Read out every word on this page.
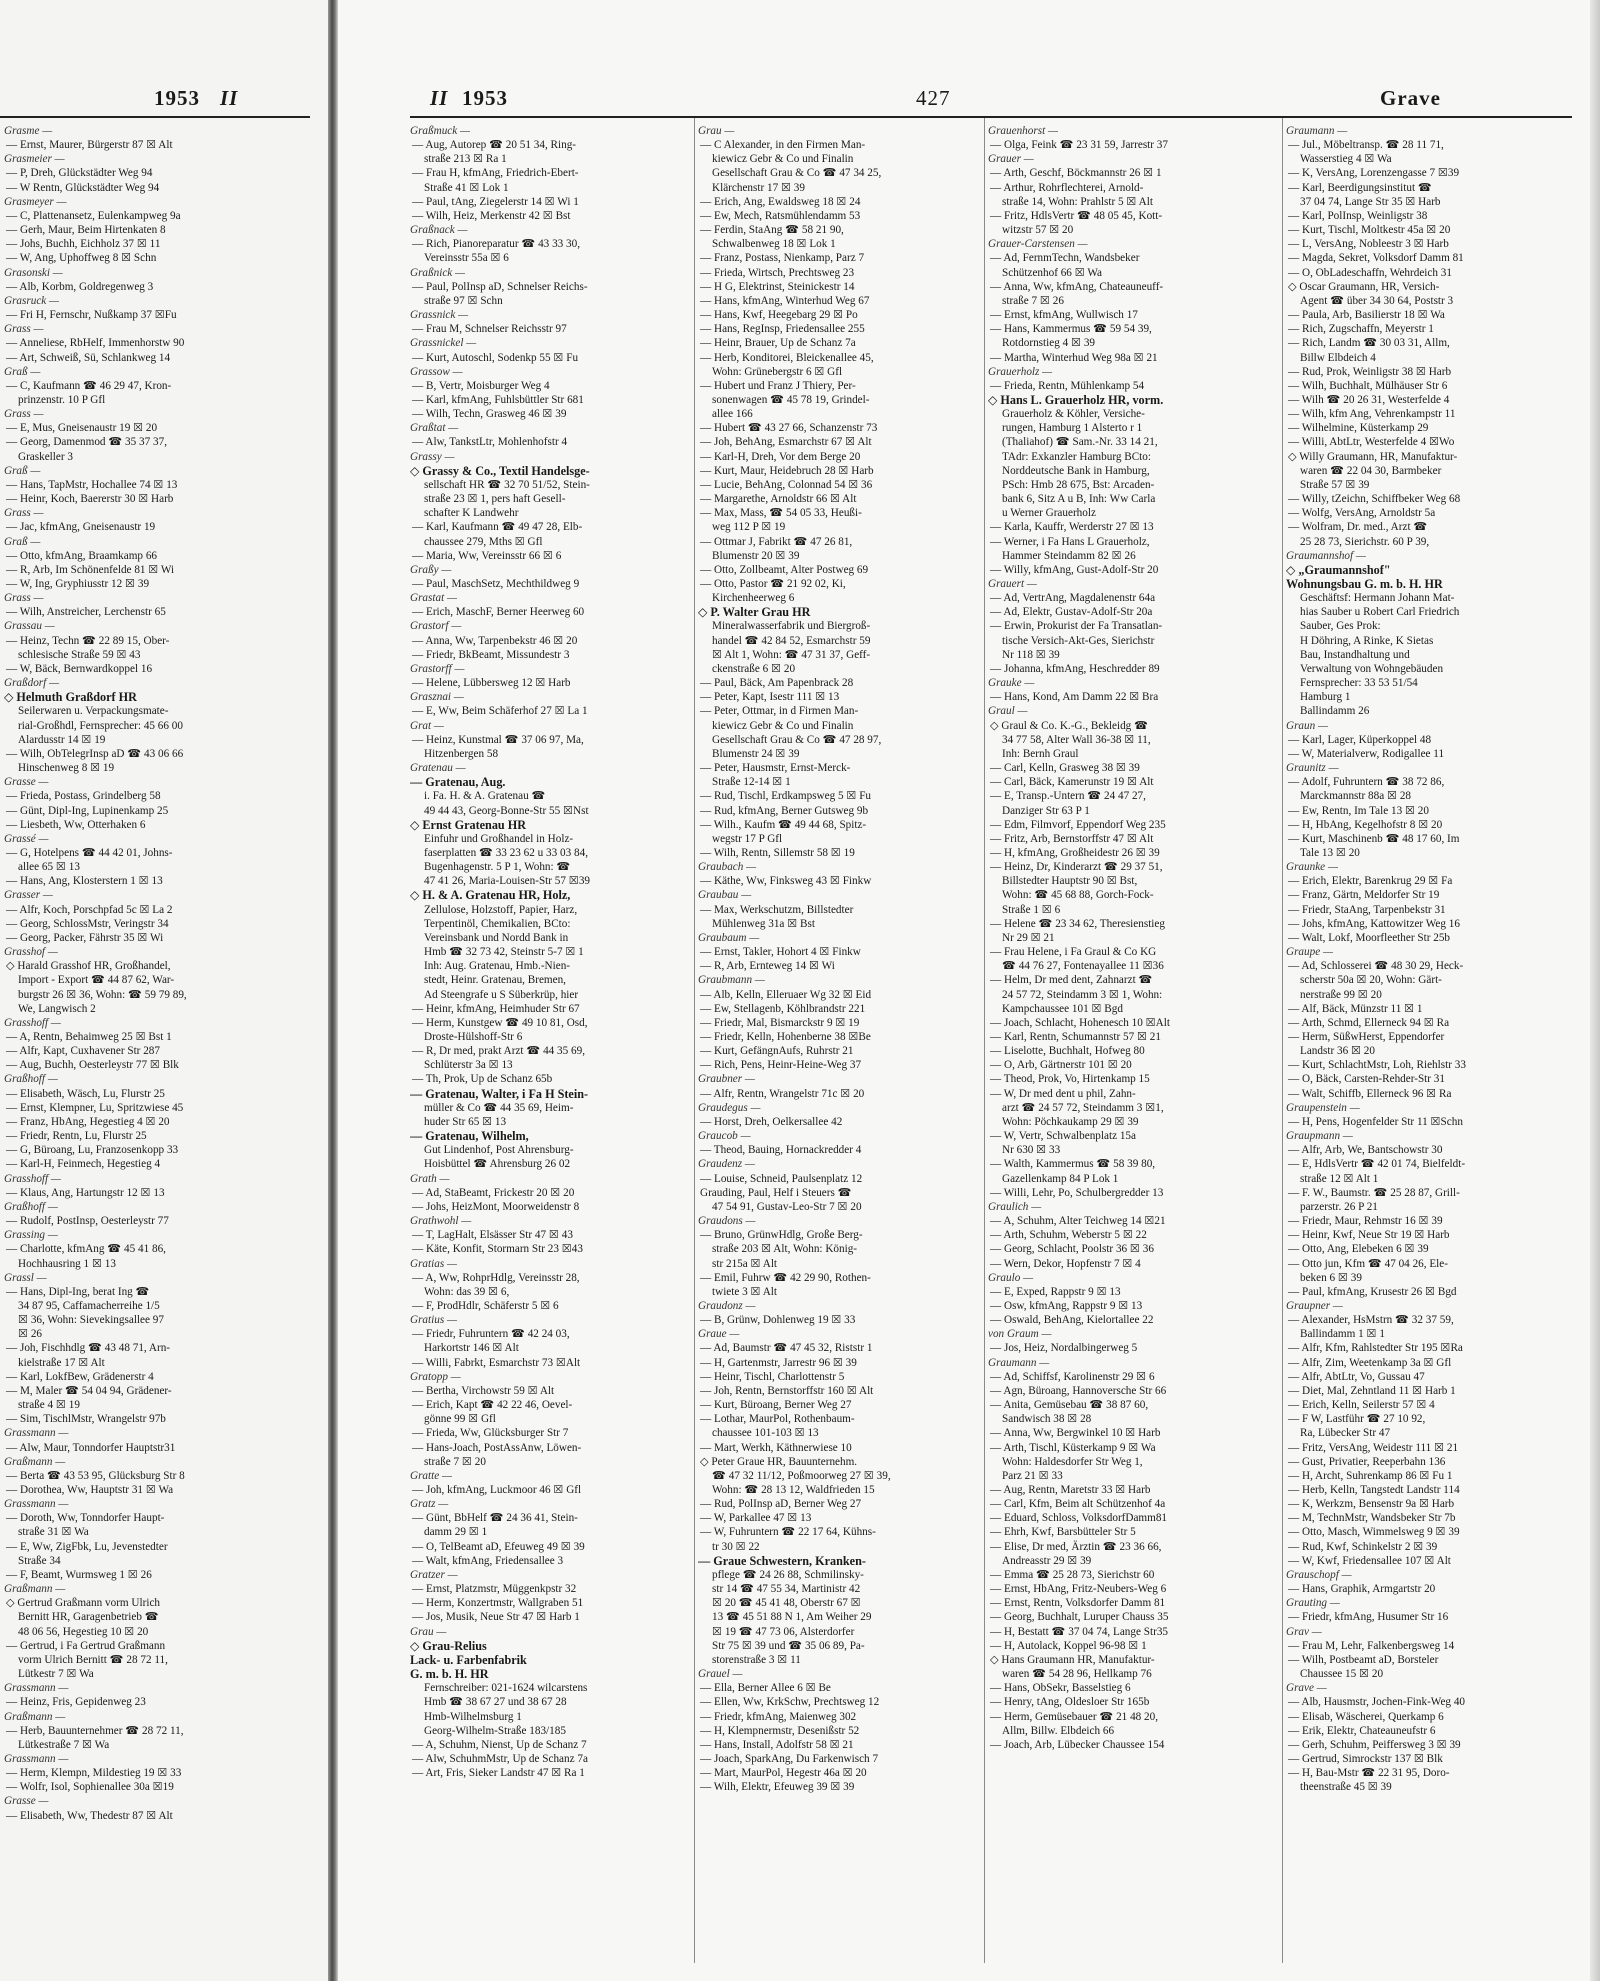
1953 II
Grasme —
— Ernst, Maurer, Bürgerstr 87 ☒ Alt
Grasmeier —
— P, Dreh, Glückstädter Weg 94
— W Rentn, Glückstädter Weg 94
Grasmeyer —
— C, Plattenansetz, Eulenkampweg 9a
— Gerh, Maur, Beim Hirtenkaten 8
— Johs, Buchh, Eichholz 37 ☒ 11
— W, Ang, Uphoffweg 8 ☒ Schn
Grasonski —
— Alb, Korbm, Goldregenweg 3
Grasruck —
— Fri H, Fernschr, Nußkamp 37 ☒Fu
Grass —
— Anneliese, RbHelf, Immenhorstw 90
— Art, Schweiß, Sü, Schlankweg 14
Graß —
— C, Kaufmann ☎ 46 29 47, Kron-
prinzenstr. 10 P Gfl
Grass —
— E, Mus, Gneisenaustr 19 ☒ 20
— Georg, Damenmod ☎ 35 37 37,
Graskeller 3
Graß —
— Hans, TapMstr, Hochallee 74 ☒ 13
— Heinr, Koch, Baererstr 30 ☒ Harb
Grass —
— Jac, kfmAng, Gneisenaustr 19
Graß —
— Otto, kfmAng, Braamkamp 66
— R, Arb, Im Schönenfelde 81 ☒ Wi
— W, Ing, Gryphiusstr 12 ☒ 39
Grass —
— Wilh, Anstreicher, Lerchenstr 65
Grassau —
— Heinz, Techn ☎ 22 89 15, Ober-
schlesische Straße 59 ☒ 43
— W, Bäck, Bernwardkoppel 16
Graßdorf —
◇ Helmuth Graßdorf HR
Seilerwaren u. Verpackungsmate-
rial-Großhdl, Fernsprecher: 45 66 00
Alardusstr 14 ☒ 19
— Wilh, ObTelegrInsp aD ☎ 43 06 66
Hinschenweg 8 ☒ 19
Grasse —
— Frieda, Postass, Grindelberg 58
— Günt, Dipl-Ing, Lupinenkamp 25
— Liesbeth, Ww, Otterhaken 6
Grassé —
— G, Hotelpens ☎ 44 42 01, Johns-
allee 65 ☒ 13
— Hans, Ang, Klosterstern 1 ☒ 13
Grasser —
— Alfr, Koch, Porschpfad 5c ☒ La 2
— Georg, SchlossMstr, Veringstr 34
— Georg, Packer, Fährstr 35 ☒ Wi
Grasshof —
◇ Harald Grasshof HR, Großhandel,
Import - Export ☎ 44 87 62, War-
burgstr 26 ☒ 36, Wohn: ☎ 59 79 89,
We, Langwisch 2
Grasshoff —
— A, Rentn, Behaimweg 25 ☒ Bst 1
— Alfr, Kapt, Cuxhavener Str 287
— Aug, Buchh, Oesterleystr 77 ☒ Blk
Graßhoff —
— Elisabeth, Wäsch, Lu, Flurstr 25
— Ernst, Klempner, Lu, Spritzwiese 45
— Franz, HbAng, Hegestieg 4 ☒ 20
— Friedr, Rentn, Lu, Flurstr 25
— G, Büroang, Lu, Franzosenkopp 33
— Karl-H, Feinmech, Hegestieg 4
Grasshoff —
— Klaus, Ang, Hartungstr 12 ☒ 13
Graßhoff —
— Rudolf, PostInsp, Oesterleystr 77
Grassing —
— Charlotte, kfmAng ☎ 45 41 86,
Hochhausring 1 ☒ 13
Grassl —
— Hans, Dipl-Ing, berat Ing ☎
34 87 95, Caffamacherreihe 1/5
☒ 36, Wohn: Sievekingsallee 97
☒ 26
— Joh, Fischhdlg ☎ 43 48 71, Arn-
kielstraße 17 ☒ Alt
— Karl, LokfBew, Grädenerstr 4
— M, Maler ☎ 54 04 94, Grädener-
straße 4 ☒ 19
— Sim, TischlMstr, Wrangelstr 97b
Grassmann —
— Alw, Maur, Tonndorfer Hauptstr31
Graßmann —
— Berta ☎ 43 53 95, Glücksburg Str 8
— Dorothea, Ww, Hauptstr 31 ☒ Wa
Grassmann —
— Doroth, Ww, Tonndorfer Haupt-
straße 31 ☒ Wa
— E, Ww, ZigFbk, Lu, Jevenstedter
Straße 34
— F, Beamt, Wurmsweg 1 ☒ 26
Graßmann —
◇ Gertrud Graßmann vorm Ulrich
Bernitt HR, Garagenbetrieb ☎
48 06 56, Hegestieg 10 ☒ 20
— Gertrud, i Fa Gertrud Graßmann
vorm Ulrich Bernitt ☎ 28 72 11,
Lütkestr 7 ☒ Wa
Grassmann —
— Heinz, Fris, Gepidenweg 23
Graßmann —
— Herb, Bauunternehmer ☎ 28 72 11,
Lütkestraße 7 ☒ Wa
Grassmann —
— Herm, Klempn, Mildestieg 19 ☒ 33
— Wolfr, Isol, Sophienallee 30a ☒19
Grasse —
— Elisabeth, Ww, Thedestr 87 ☒ Alt
II 1953	427	Grave
Graßmuck —
— Aug, Autorep ☎ 20 51 34, Ring-
straße 213 ☒ Ra 1
— Frau H, kfmAng, Friedrich-Ebert-
Straße 41 ☒ Lok 1
— Paul, tAng, Ziegelerstr 14 ☒ Wi 1
— Wilh, Heiz, Merkenstr 42 ☒ Bst
Graßnack —
— Rich, Pianoreparatur ☎ 43 33 30,
Vereinsstr 55a ☒ 6
Graßnick —
— Paul, PolInsp aD, Schnelser Reichs-
straße 97 ☒ Schn
Grassnick —
— Frau M, Schnelser Reichsstr 97
Grassnickel —
— Kurt, Autoschl, Sodenkp 55 ☒ Fu
Grassow —
— B, Vertr, Moisburger Weg 4
— Karl, kfmAng, Fuhlsbüttler Str 681
— Wilh, Techn, Grasweg 46 ☒ 39
Graßtat —
— Alw, TankstLtr, Mohlenhofstr 4
Grassy —
◇ Grassy & Co., Textil Handelsge-
sellschaft HR ☎ 32 70 51/52, Stein-
straße 23 ☒ 1, pers haft Gesell-
schafter K Landwehr
— Karl, Kaufmann ☎ 49 47 28, Elb-
chaussee 279, Mths ☒ Gfl
— Maria, Ww, Vereinsstr 66 ☒ 6
Graßy —
— Paul, MaschSetz, Mechthildweg 9
Grastat —
— Erich, MaschF, Berner Heerweg 60
Grastorf —
— Anna, Ww, Tarpenbekstr 46 ☒ 20
— Friedr, BkBeamt, Missundestr 3
Grastorff —
— Helene, Lübbersweg 12 ☒ Harb
Grasznai —
— E, Ww, Beim Schäferhof 27 ☒ La 1
Grat —
— Heinz, Kunstmal ☎ 37 06 97, Ma,
Hitzenbergen 58
Gratenau —
— Gratenau, Aug.
i. Fa. H. & A. Gratenau ☎
49 44 43, Georg-Bonne-Str 55 ☒Nst
◇ Ernst Gratenau HR
Einfuhr und Großhandel in Holz-
faserplatten ☎ 33 23 62 u 33 03 84,
Bugenhagenstr. 5 P 1, Wohn: ☎
47 41 26, Maria-Louisen-Str 57 ☒39
◇ H. & A. Gratenau HR, Holz,
Zellulose, Holzstoff, Papier, Harz,
Terpentinöl, Chemikalien, BCto:
Vereinsbank und Nordd Bank in
Hmb ☎ 32 73 42, Steinstr 5-7 ☒ 1
Inh: Aug. Gratenau, Hmb.-Nien-
stedt, Heinr. Gratenau, Bremen,
Ad Steengrafe u S Süberkrüp, hier
— Heinr, kfmAng, Heimhuder Str 67
— Herm, Kunstgew ☎ 49 10 81, Osd,
Droste-Hülshoff-Str 6
— R, Dr med, prakt Arzt ☎ 44 35 69,
Schlüterstr 3a ☒ 13
— Th, Prok, Up de Schanz 65b
— Gratenau, Walter, i Fa H Stein-
müller & Co ☎ 44 35 69, Heim-
huder Str 65 ☒ 13
— Gratenau, Wilhelm,
Gut Lindenhof, Post Ahrensburg-
Hoisbüttel ☎ Ahrensburg 26 02
Grath —
— Ad, StaBeamt, Frickestr 20 ☒ 20
— Johs, HeizMont, Moorweidenstr 8
Grathwohl —
— T, LagHalt, Elsässer Str 47 ☒ 43
— Käte, Konfit, Stormarn Str 23 ☒43
Gratias —
— A, Ww, RohprHdlg, Vereinsstr 28,
Wohn: das 39 ☒ 6,
— F, ProdHdlr, Schäferstr 5 ☒ 6
Gratius —
— Friedr, Fuhruntern ☎ 42 24 03,
Harkortstr 146 ☒ Alt
— Willi, Fabrkt, Esmarchstr 73 ☒Alt
Gratopp —
— Bertha, Virchowstr 59 ☒ Alt
— Erich, Kapt ☎ 42 22 46, Oevel-
gönne 99 ☒ Gfl
— Frieda, Ww, Glücksburger Str 7
— Hans-Joach, PostAssAnw, Löwen-
straße 7 ☒ 20
Gratte —
— Joh, kfmAng, Luckmoor 46 ☒ Gfl
Gratz —
— Günt, BbHelf ☎ 24 36 41, Stein-
damm 29 ☒ 1
— O, TelBeamt aD, Efeuweg 49 ☒ 39
— Walt, kfmAng, Friedensallee 3
Gratzer —
— Ernst, Platzmstr, Müggenkpstr 32
— Herm, Konzertmstr, Wallgraben 51
— Jos, Musik, Neue Str 47 ☒ Harb 1
Grau —
◇ Grau-Relius
Lack- u. Farbenfabrik
G. m. b. H. HR
Fernschreiber: 021-1624 wilcarstens
Hmb ☎ 38 67 27 und 38 67 28
Hmb-Wilhelmsburg 1
Georg-Wilhelm-Straße 183/185
— A, Schuhm, Nienst, Up de Schanz 7
— Alw, SchuhmMstr, Up de Schanz 7a
— Art, Fris, Sieker Landstr 47 ☒ Ra 1
Grau —
— C Alexander, in den Firmen Man-
kiewicz Gebr & Co und Finalin
Gesellschaft Grau & Co ☎ 47 34 25,
Klärchenstr 17 ☒ 39
— Erich, Ang, Ewaldsweg 18 ☒ 24
— Ew, Mech, Ratsmühlendamm 53
— Ferdin, StaAng ☎ 58 21 90,
Schwalbenweg 18 ☒ Lok 1
— Franz, Postass, Nienkamp, Parz 7
— Frieda, Wirtsch, Prechtsweg 23
— H G, Elektrinst, Steinickestr 14
— Hans, kfmAng, Winterhud Weg 67
— Hans, Kwf, Heegebarg 29 ☒ Po
— Hans, RegInsp, Friedensallee 255
— Heinr, Brauer, Up de Schanz 7a
— Herb, Konditorei, Bleickenallee 45,
Wohn: Grünebergstr 6 ☒ Gfl
— Hubert und Franz J Thiery, Per-
sonenwagen ☎ 45 78 19, Grindel-
allee 166
— Hubert ☎ 43 27 66, Schanzenstr 73
— Joh, BehAng, Esmarchstr 67 ☒ Alt
— Karl-H, Dreh, Vor dem Berge 20
— Kurt, Maur, Heidebruch 28 ☒ Harb
— Lucie, BehAng, Colonnad 54 ☒ 36
— Margarethe, Arnoldstr 66 ☒ Alt
— Max, Mass, ☎ 54 05 33, Heußi-
weg 112 P ☒ 19
— Ottmar J, Fabrikt ☎ 47 26 81,
Blumenstr 20 ☒ 39
— Otto, Zollbeamt, Alter Postweg 69
— Otto, Pastor ☎ 21 92 02, Ki,
Kirchenheerweg 6
◇ P. Walter Grau HR
Mineralwasserfabrik und Biergroß-
handel ☎ 42 84 52, Esmarchstr 59
☒ Alt 1, Wohn: ☎ 47 31 37, Geff-
ckenstraße 6 ☒ 20
— Paul, Bäck, Am Papenbrack 28
— Peter, Kapt, Isestr 111 ☒ 13
— Peter, Ottmar, in d Firmen Man-
kiewicz Gebr & Co und Finalin
Gesellschaft Grau & Co ☎ 47 28 97,
Blumenstr 24 ☒ 39
— Peter, Hausmstr, Ernst-Merck-
Straße 12-14 ☒ 1
— Rud, Tischl, Erdkampsweg 5 ☒ Fu
— Rud, kfmAng, Berner Gutsweg 9b
— Wilh., Kaufm ☎ 49 44 68, Spitz-
wegstr 17 P Gfl
— Wilh, Rentn, Sillemstr 58 ☒ 19
Graubach —
— Käthe, Ww, Finksweg 43 ☒ Finkw
Graubau —
— Max, Werkschutzm, Billstedter
Mühlenweg 31a ☒ Bst
Graubaum —
— Ernst, Takler, Hohort 4 ☒ Finkw
— R, Arb, Ernteweg 14 ☒ Wi
Graubmann —
— Alb, Kelln, Elleruaer Wg 32 ☒ Eid
— Ew, Stellagenb, Köhlbrandstr 221
— Friedr, Mal, Bismarckstr 9 ☒ 19
— Friedr, Kelln, Hohenberne 38 ☒Be
— Kurt, GefängnAufs, Ruhrstr 21
— Rich, Pens, Heinr-Heine-Weg 37
Graubner —
— Alfr, Rentn, Wrangelstr 71c ☒ 20
Graudegus —
— Horst, Dreh, Oelkersallee 42
Graucob —
— Theod, Bauing, Hornackredder 4
Graudenz —
— Louise, Schneid, Paulsenplatz 12
Grauding, Paul, Helf i Steuers ☎
47 54 91, Gustav-Leo-Str 7 ☒ 20
Graudons —
— Bruno, GrünwHdlg, Große Berg-
straße 203 ☒ Alt, Wohn: König-
str 215a ☒ Alt
— Emil, Fuhrw ☎ 42 29 90, Rothen-
twiete 3 ☒ Alt
Graudonz —
— B, Grünw, Dohlenweg 19 ☒ 33
Graue —
— Ad, Baumstr ☎ 47 45 32, Riststr 1
— H, Gartenmstr, Jarrestr 96 ☒ 39
— Heinr, Tischl, Charlottenstr 5
— Joh, Rentn, Bernstorffstr 160 ☒ Alt
— Kurt, Büroang, Berner Weg 27
— Lothar, MaurPol, Rothenbaum-
chaussee 101-103 ☒ 13
— Mart, Werkh, Käthnerwiese 10
◇ Peter Graue HR, Bauunternehm.
☎ 47 32 11/12, Poßmoorweg 27 ☒ 39,
Wohn: ☎ 28 13 12, Waldfrieden 15
— Rud, PolInsp aD, Berner Weg 27
— W, Parkallee 47 ☒ 13
— W, Fuhruntern ☎ 22 17 64, Kühns-
tr 30 ☒ 22
— Graue Schwestern, Kranken-
pflege ☎ 24 26 88, Schmilinsky-
str 14 ☎ 47 55 34, Martinistr 42
☒ 20 ☎ 45 41 48, Oberstr 67 ☒
13 ☎ 45 51 88 N 1, Am Weiher 29
☒ 19 ☎ 47 73 06, Alsterdorfer
Str 75 ☒ 39 und ☎ 35 06 89, Pa-
storenstraße 3 ☒ 11
Grauel —
— Ella, Berner Allee 6 ☒ Be
— Ellen, Ww, KrkSchw, Prechtsweg 12
— Friedr, kfmAng, Maienweg 302
— H, Klempnermstr, Desenißstr 52
— Hans, Install, Adolfstr 58 ☒ 21
— Joach, SparkAng, Du Farkenwisch 7
— Mart, MaurPol, Hegestr 46a ☒ 20
— Wilh, Elektr, Efeuweg 39 ☒ 39
Grauenhorst —
— Olga, Feink ☎ 23 31 59, Jarrestr 37
Grauer —
— Arth, Geschf, Böckmannstr 26 ☒ 1
— Arthur, Rohrflechterei, Arnold-
straße 14, Wohn: Prahlstr 5 ☒ Alt
— Fritz, HdlsVertr ☎ 48 05 45, Kott-
witzstr 57 ☒ 20
Grauer-Carstensen —
— Ad, FernmTechn, Wandsbeker
Schützenhof 66 ☒ Wa
— Anna, Ww, kfmAng, Chateauneuff-
straße 7 ☒ 26
— Ernst, kfmAng, Wullwisch 17
— Hans, Kammermus ☎ 59 54 39,
Rotdornstieg 4 ☒ 39
— Martha, Winterhud Weg 98a ☒ 21
Grauerholz —
— Frieda, Rentn, Mühlenkamp 54
◇ Hans L. Grauerholz HR, vorm.
Grauerholz & Köhler, Versiche-
rungen, Hamburg 1 Alsterto r 1
(Thaliahof) ☎ Sam.-Nr. 33 14 21,
TAdr: Exkanzler Hamburg BCto:
Norddeutsche Bank in Hamburg,
PSch: Hmb 28 675, Bst: Arcaden-
bank 6, Sitz A u B, Inh: Ww Carla
u Werner Grauerholz
— Karla, Kauffr, Werderstr 27 ☒ 13
— Werner, i Fa Hans L Grauerholz,
Hammer Steindamm 82 ☒ 26
— Willy, kfmAng, Gust-Adolf-Str 20
Grauert —
— Ad, VertrAng, Magdalenenstr 64a
— Ad, Elektr, Gustav-Adolf-Str 20a
— Erwin, Prokurist der Fa Transatlan-
tische Versich-Akt-Ges, Sierichstr
Nr 118 ☒ 39
— Johanna, kfmAng, Heschredder 89
Grauke —
— Hans, Kond, Am Damm 22 ☒ Bra
Graul —
◇ Graul & Co. K.-G., Bekleidg ☎
34 77 58, Alter Wall 36-38 ☒ 11,
Inh: Bernh Graul
— Carl, Kelln, Grasweg 38 ☒ 39
— Carl, Bäck, Kamerunstr 19 ☒ Alt
— E, Transp.-Untern ☎ 24 47 27,
Danziger Str 63 P 1
— Edm, Filmvorf, Eppendorf Weg 235
— Fritz, Arb, Bernstorffstr 47 ☒ Alt
— H, kfmAng, Großheidestr 26 ☒ 39
— Heinz, Dr, Kinderarzt ☎ 29 37 51,
Billstedter Hauptstr 90 ☒ Bst,
Wohn: ☎ 45 68 88, Gorch-Fock-
Straße 1 ☒ 6
— Helene ☎ 23 34 62, Theresienstieg
Nr 29 ☒ 21
— Frau Helene, i Fa Graul & Co KG
☎ 44 76 27, Fontenayallee 11 ☒36
— Helm, Dr med dent, Zahnarzt ☎
24 57 72, Steindamm 3 ☒ 1, Wohn:
Kampchaussee 101 ☒ Bgd
— Joach, Schlacht, Hohenesch 10 ☒Alt
— Karl, Rentn, Schumannstr 57 ☒ 21
— Liselotte, Buchhalt, Hofweg 80
— O, Arb, Gärtnerstr 101 ☒ 20
— Theod, Prok, Vo, Hirtenkamp 15
— W, Dr med dent u phil, Zahn-
arzt ☎ 24 57 72, Steindamm 3 ☒1,
Wohn: Pöchkaukamp 29 ☒ 39
— W, Vertr, Schwalbenplatz 15a
Nr 630 ☒ 33
— Walth, Kammermus ☎ 58 39 80,
Gazellenkamp 84 P Lok 1
— Willi, Lehr, Po, Schulbergredder 13
Graulich —
— A, Schuhm, Alter Teichweg 14 ☒21
— Arth, Schuhm, Weberstr 5 ☒ 22
— Georg, Schlacht, Poolstr 36 ☒ 36
— Wern, Dekor, Hopfenstr 7 ☒ 4
Graulo —
— E, Exped, Rappstr 9 ☒ 13
— Osw, kfmAng, Rappstr 9 ☒ 13
— Oswald, BehAng, Kielortallee 22
von Graum —
— Jos, Heiz, Nordalbingerweg 5
Graumann —
— Ad, Schiffsf, Karolinenstr 29 ☒ 6
— Agn, Büroang, Hannoversche Str 66
— Anita, Gemüsebau ☎ 38 87 60,
Sandwisch 38 ☒ 28
— Anna, Ww, Bergwinkel 10 ☒ Harb
— Arth, Tischl, Küsterkamp 9 ☒ Wa
Wohn: Haldesdorfer Str Weg 1,
Parz 21 ☒ 33
— Aug, Rentn, Maretstr 33 ☒ Harb
— Carl, Kfm, Beim alt Schützenhof 4a
— Eduard, Schloss, VolksdorfDamm81
— Ehrh, Kwf, Barsbütteler Str 5
— Elise, Dr med, Ärztin ☎ 23 36 66,
Andreasstr 29 ☒ 39
— Emma ☎ 25 28 73, Sierichstr 60
— Ernst, HbAng, Fritz-Neubers-Weg 6
— Ernst, Rentn, Volksdorfer Damm 81
— Georg, Buchhalt, Luruper Chauss 35
— H, Bestatt ☎ 37 04 74, Lange Str35
— H, Autolack, Koppel 96-98 ☒ 1
◇ Hans Graumann HR, Manufaktur-
waren ☎ 54 28 96, Hellkamp 76
— Hans, ObSekr, Basselstieg 6
— Henry, tAng, Oldesloer Str 165b
— Herm, Gemüsebauer ☎ 21 48 20,
Allm, Billw. Elbdeich 66
— Joach, Arb, Lübecker Chaussee 154
Graumann —
— Jul., Möbeltransp. ☎ 28 11 71,
Wasserstieg 4 ☒ Wa
— K, VersAng, Lorenzengasse 7 ☒39
— Karl, Beerdigungsinstitut ☎
37 04 74, Lange Str 35 ☒ Harb
— Karl, PolInsp, Weinligstr 38
— Kurt, Tischl, Moltkestr 45a ☒ 20
— L, VersAng, Nobleestr 3 ☒ Harb
— Magda, Sekret, Volksdorf Damm 81
— O, ObLadeschaffn, Wehrdeich 31
◇ Oscar Graumann, HR, Versich-
Agent ☎ über 34 30 64, Poststr 3
— Paula, Arb, Basilierstr 18 ☒ Wa
— Rich, Zugschaffn, Meyerstr 1
— Rich, Landm ☎ 30 03 31, Allm,
Billw Elbdeich 4
— Rud, Prok, Weinligstr 38 ☒ Harb
— Wilh, Buchhalt, Mülhäuser Str 6
— Wilh ☎ 20 26 31, Westerfelde 4
— Wilh, kfm Ang, Vehrenkampstr 11
— Wilhelmine, Küsterkamp 29
— Willi, AbtLtr, Westerfelde 4 ☒Wo
◇ Willy Graumann, HR, Manufaktur-
waren ☎ 22 04 30, Barmbeker
Straße 57 ☒ 39
— Willy, tZeichn, Schiffbeker Weg 68
— Wolfg, VersAng, Arnoldstr 5a
— Wolfram, Dr. med., Arzt ☎
25 28 73, Sierichstr. 60 P 39,
Graumannshof —
◇ „Graumannshof"
Wohnungsbau G. m. b. H. HR
Geschäftsf: Hermann Johann Mat-
hias Sauber u Robert Carl Friedrich
Sauber, Ges Prok:
H Döhring, A Rinke, K Sietas
Bau, Instandhaltung und
Verwaltung von Wohngebäuden
Fernsprecher: 33 53 51/54
Hamburg 1
Ballindamm 26
Graun —
— Karl, Lager, Küperkoppel 48
— W, Materialverw, Rodigallee 11
Graunitz —
— Adolf, Fuhruntern ☎ 38 72 86,
Marckmannstr 88a ☒ 28
— Ew, Rentn, Im Tale 13 ☒ 20
— H, HbAng, Kegelhofstr 8 ☒ 20
— Kurt, Maschinenb ☎ 48 17 60, Im
Tale 13 ☒ 20
Graunke —
— Erich, Elektr, Barenkrug 29 ☒ Fa
— Franz, Gärtn, Meldorfer Str 19
— Friedr, StaAng, Tarpenbekstr 31
— Johs, kfmAng, Kattowitzer Weg 16
— Walt, Lokf, Moorfleether Str 25b
Graupe —
— Ad, Schlosserei ☎ 48 30 29, Heck-
scherstr 50a ☒ 20, Wohn: Gärt-
nerstraße 99 ☒ 20
— Alf, Bäck, Münzstr 11 ☒ 1
— Arth, Schmd, Ellerneck 94 ☒ Ra
— Herm, SüßwHerst, Eppendorfer
Landstr 36 ☒ 20
— Kurt, SchlachtMstr, Loh, Riehlstr 33
— O, Bäck, Carsten-Rehder-Str 31
— Walt, Schiffb, Ellerneck 96 ☒ Ra
Graupenstein —
— H, Pens, Hogenfelder Str 11 ☒Schn
Graupmann —
— Alfr, Arb, We, Bantschowstr 30
— E, HdlsVertr ☎ 42 01 74, Bielfeldt-
straße 12 ☒ Alt 1
— F. W., Baumstr. ☎ 25 28 87, Grill-
parzerstr. 26 P 21
— Friedr, Maur, Rehmstr 16 ☒ 39
— Heinr, Kwf, Neue Str 19 ☒ Harb
— Otto, Ang, Elebeken 6 ☒ 39
— Otto jun, Kfm ☎ 47 04 26, Ele-
beken 6 ☒ 39
— Paul, kfmAng, Krusestr 26 ☒ Bgd
Graupner —
— Alexander, HsMstrn ☎ 32 37 59,
Ballindamm 1 ☒ 1
— Alfr, Kfm, Rahlstedter Str 195 ☒Ra
— Alfr, Zim, Weetenkamp 3a ☒ Gfl
— Alfr, AbtLtr, Vo, Gussau 47
— Diet, Mal, Zehntland 11 ☒ Harb 1
— Erich, Kelln, Seilerstr 57 ☒ 4
— F W, Lastführ ☎ 27 10 92,
Ra, Lübecker Str 47
— Fritz, VersAng, Weidestr 111 ☒ 21
— Gust, Privatier, Reeperbahn 136
— H, Archt, Suhrenkamp 86 ☒ Fu 1
— Herb, Kelln, Tangstedt Landstr 114
— K, Werkzm, Bensenstr 9a ☒ Harb
— M, TechnMstr, Wandsbeker Str 7b
— Otto, Masch, Wimmelsweg 9 ☒ 39
— Rud, Kwf, Schinkelstr 2 ☒ 39
— W, Kwf, Friedensallee 107 ☒ Alt
Grauschopf —
— Hans, Graphik, Armgartstr 20
Grauting —
— Friedr, kfmAng, Husumer Str 16
Grav —
— Frau M, Lehr, Falkenbergsweg 14
— Wilh, Postbeamt aD, Borsteler
Chaussee 15 ☒ 20
Grave —
— Alb, Hausmstr, Jochen-Fink-Weg 40
— Elisab, Wäscherei, Querkamp 6
— Erik, Elektr, Chateauneufstr 6
— Gerh, Schuhm, Peiffersweg 3 ☒ 39
— Gertrud, Simrockstr 137 ☒ Blk
— H, Bau-Mstr ☎ 22 31 95, Doro-
theenstraße 45 ☒ 39
